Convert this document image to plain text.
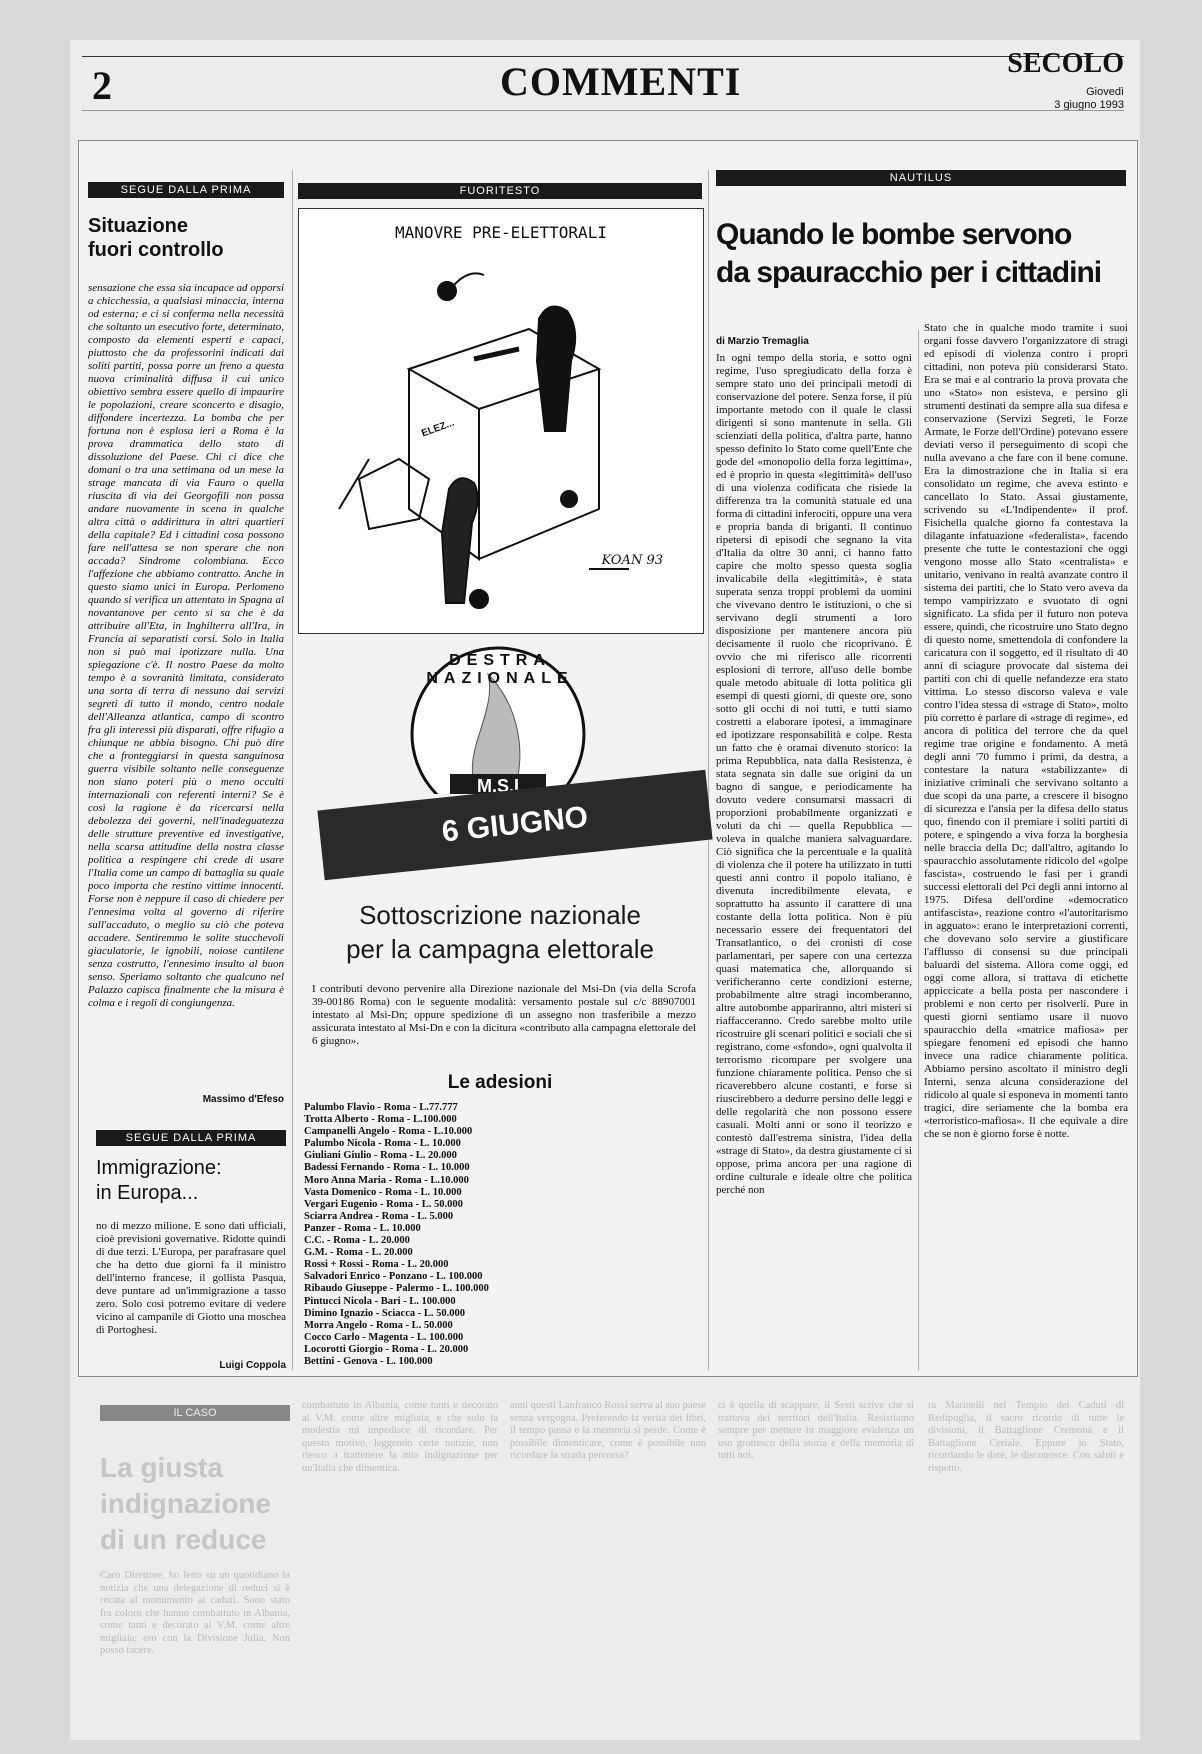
2	COMMENTI	SECOLO
Giovedì
3 giugno 1993
SEGUE DALLA PRIMA
Situazione
fuori controllo
sensazione che essa sia incapace ad opporsi a chicchessia, a qualsiasi minaccia, interna od esterna; e ci si conferma nella necessità che soltanto un esecutivo forte, determinato, composto da elementi esperti e capaci, piuttosto che da professorini indicati dai soliti partiti, possa porre un freno a questa nuova criminalità diffusa il cui unico obiettivo sembra essere quello di impaurire le popolazioni, creare sconcerto e disagio, diffondere incertezza. La bomba che per fortuna non è esplosa ieri a Roma è la prova drammatica dello stato di dissoluzione del Paese. Chi ci dice che domani o tra una settimana od un mese la strage mancata di via Fauro o quella riuscita di via dei Georgofili non possa andare nuovamente in scena in qualche altra città o addirittura in altri quartieri della capitale? Ed i cittadini cosa possono fare nell'attesa se non sperare che non accada? Sindrome colombiana. Ecco l'affezione che abbiamo contratto. Anche in questo siamo unici in Europa. Perlomeno quando si verifica un attentato in Spagna al novantanove per cento si sa che è da attribuire all'Eta, in Inghilterra all'Ira, in Francia ai separatisti corsi. Solo in Italia non si può mai ipotizzare nulla. Una spiegazione c'è. Il nostro Paese da molto tempo è a sovranità limitata, considerato una sorta di terra di nessuno dai servizi segreti di tutto il mondo, centro nodale dell'Alleanza atlantica, campo di scontro fra gli interessi più disparati, offre rifugio a chiunque ne abbia bisogno. Chi può dire che a fronteggiarsi in questa sanguinosa guerra visibile soltanto nelle conseguenze non siano poteri più o meno occulti internazionali con referenti interni? Se è così la ragione è da ricercarsi nella debolezza dei governi, nell'inadeguatezza delle strutture preventive ed investigative, nella scarsa attitudine della nostra classe politica a respingere chi crede di usare l'Italia come un campo di battaglia su quale poco importa che restino vittime innocenti. Forse non è neppure il caso di chiedere per l'ennesima volta al governo di riferire sull'accaduto, o meglio su ciò che poteva accadere. Sentiremmo le solite stucchevoli giaculatorie, le ignobili, noiose cantilene senza costrutto, l'ennesimo insulto al buon senso. Speriamo soltanto che qualcuno nel Palazzo capisca finalmente che la misura è colma e i regoli di congiungenza.
Massimo d'Efeso
SEGUE DALLA PRIMA
Immigrazione:
in Europa...
no di mezzo milione. E sono dati ufficiali, cioè previsioni governative. Ridotte quindi di due terzi. L'Europa, per parafrasare quel che ha detto due giorni fa il ministro dell'interno francese, il gollista Pasqua, deve puntare ad un'immigrazione a tasso zero. Solo così potremo evitare di vedere vicino al campanile di Giotto una moschea di Portoghesi.
Luigi Coppola
FUORITESTO
MANOVRE PRE-ELETTORALI
ELEZ...
KOAN 93
DESTRA NAZIONALE
M.S.I
6 GIUGNO
Sottoscrizione nazionale
per la campagna elettorale
I contributi devono pervenire alla Direzione nazionale del Msi-Dn (via della Scrofa 39-00186 Roma) con le seguente modalità: versamento postale sul c/c 88907001 intestato al Msi-Dn; oppure spedizione di un assegno non trasferibile a mezzo assicurata intestato al Msi-Dn e con la dicitura «contributo alla campagna elettorale del 6 giugno».
Le adesioni
Palumbo Flavio - Roma - L.77.777
Trotta Alberto - Roma - L.100.000
Campanelli Angelo - Roma - L.10.000
Palumbo Nicola - Roma - L. 10.000
Giuliani Giulio - Roma - L. 20.000
Badessi Fernando - Roma - L. 10.000
Moro Anna Maria - Roma - L.10.000
Vasta Domenico - Roma - L. 10.000
Vergari Eugenio - Roma - L. 50.000
Sciarra Andrea - Roma - L. 5.000
Panzer - Roma - L. 10.000
C.C. - Roma - L. 20.000
G.M. - Roma - L. 20.000
Rossi + Rossi - Roma - L. 20.000
Salvadori Enrico - Ponzano - L. 100.000
Ribaudo Giuseppe - Palermo - L. 100.000
Pintucci Nicola - Bari - L. 100.000
Dimino Ignazio - Sciacca - L. 50.000
Morra Angelo - Roma - L. 50.000
Cocco Carlo - Magenta - L. 100.000
Locorotti Giorgio - Roma - L. 20.000
Bettini - Genova - L. 100.000
NAUTILUS
Quando le bombe servono
da spauracchio per i cittadini
di Marzio Tremaglia
In ogni tempo della storia, e sotto ogni regime, l'uso spregiudicato della forza è sempre stato uno dei principali metodi di conservazione del potere. Senza forse, il più importante metodo con il quale le classi dirigenti si sono mantenute in sella. Gli scienziati della politica, d'altra parte, hanno spesso definito lo Stato come quell'Ente che gode del «monopolio della forza legittima», ed è proprio in questa «legittimità» dell'uso di una violenza codificata che risiede la differenza tra la comunità statuale ed una forma di cittadini inferociti, oppure una vera e propria banda di briganti. Il continuo ripetersi di episodi che segnano la vita d'Italia da oltre 30 anni, ci hanno fatto capire che molto spesso questa soglia invalicabile della «legittimità», è stata superata senza troppi problemi da uomini che vivevano dentro le istituzioni, o che si servivano degli strumenti a loro disposizione per mantenere ancora più decisamente il ruolo che ricoprivano. È ovvio che mi riferisco alle ricorrenti esplosioni di terrore, all'uso delle bombe quale metodo abituale di lotta politica gli esempi di questi giorni, di queste ore, sono sotto gli occhi di noi tutti, e tutti siamo costretti a elaborare ipotesi, a immaginare ed ipotizzare responsabilità e colpe. Resta un fatto che è oramai divenuto storico: la prima Repubblica, nata dalla Resistenza, è stata segnata sin dalle sue origini da un bagno di sangue, e periodicamente ha dovuto vedere consumarsi massacri di proporzioni probabilmente organizzati e voluti da chi — quella Repubblica — voleva in qualche maniera salvaguardare. Ciò significa che la percentuale e la qualità di violenza che il potere ha utilizzato in tutti questi anni contro il popolo italiano, è divenuta incredibilmente elevata, e soprattutto ha assunto il carattere di una costante della lotta politica. Non è più necessario essere dei frequentatori del Transatlantico, o dei cronisti di cose parlamentari, per sapere con una certezza quasi matematica che, allorquando si verificheranno certe condizioni esterne, probabilmente altre stragi incomberanno, altre autobombe appariranno, altri misteri si riaffacceranno. Credo sarebbe molto utile ricostruire gli scenari politici e sociali che si registrano, come «sfondo», ogni qualvolta il terrorismo ricompare per svolgere una funzione chiaramente politica. Penso che si ricaverebbero alcune costanti, e forse si riuscirebbero a dedurre persino delle leggi e delle regolarità che non possono essere casuali. Molti anni or sono il teorizzo e contestò dall'estrema sinistra, l'idea della «strage di Stato», da destra giustamente ci si oppose, prima ancora per una ragione di ordine culturale e ideale oltre che politica perché non
Stato che in qualche modo tramite i suoi organi fosse davvero l'organizzatore di stragi ed episodi di violenza contro i propri cittadini, non poteva più considerarsi Stato. Era se mai e al contrario la prova provata che uno «Stato» non esisteva, e persino gli strumenti destinati da sempre alla sua difesa e conservazione (Servizi Segreti, le Forze Armate, le Forze dell'Ordine) potevano essere deviati verso il perseguimento di scopi che nulla avevano a che fare con il bene comune. Era la dimostrazione che in Italia si era consolidato un regime, che aveva estinto e cancellato lo Stato. Assai giustamente, scrivendo su «L'Indipendente» il prof. Fisichella qualche giorno fa contestava la dilagante infatuazione «federalista», facendo presente che tutte le contestazioni che oggi vengono mosse allo Stato «centralista» e unitario, venivano in realtà avanzate contro il sistema dei partiti, che lo Stato vero aveva da tempo vampirizzato e svuotato di ogni significato. La sfida per il futuro non poteva essere, quindi, che ricostruire uno Stato degno di questo nome, smettendola di confondere la caricatura con il soggetto, ed il risultato di 40 anni di sciagure provocate dal sistema dei partiti con chi di quelle nefandezze era stato vittima. Lo stesso discorso valeva e vale contro l'idea stessa di «strage di Stato», molto più corretto è parlare di «strage di regime», ed ancora di politica del terrore che da quel regime trae origine e fondamento. A metà degli anni '70 fummo i primi, da destra, a contestare la natura «stabilizzante» di iniziative criminali che servivano soltanto a due scopi da una parte, a crescere il bisogno di sicurezza e l'ansia per la difesa dello status quo, finendo con il premiare i soliti partiti di potere, e spingendo a viva forza la borghesia nelle braccia della Dc; dall'altro, agitando lo spauracchio assolutamente ridicolo del «golpe fascista», costruendo le fasi per i grandi successi elettorali del Pci degli anni intorno al 1975. Difesa dell'ordine «democratico antifascista», reazione contro «l'autoritarismo in agguato»: erano le interpretazioni correnti, che dovevano solo servire a giustificare l'afflusso di consensi su due principali baluardi del sistema. Allora come oggi, ed oggi come allora, si trattava di etichette appiccicate a bella posta per nascondere i problemi e non certo per risolverli. Pure in questi giorni sentiamo usare il nuovo spauracchio della «matrice mafiosa» per spiegare fenomeni ed episodi che hanno invece una radice chiaramente politica. Abbiamo persino ascoltato il ministro degli Interni, senza alcuna considerazione del ridicolo al quale si esponeva in momenti tanto tragici, dire seriamente che la bomba era «terroristico-mafiosa». Il che equivale a dire che se non è giorno forse è notte.
IL CASO
La giusta
indignazione
di un reduce
Caro Direttore, ho letto su un quotidiano la notizia che una delegazione di reduci si è recata al monumento ai caduti. Sono stato fra coloro che hanno combattuto in Albania, come tanti e decorato al V.M. come altre migliaia; ero con la Divisione Julia. Non posso tacere.
combattuto in Albania, come tanti e decorato al V.M. come altre migliaia, e che solo la modestia mi impedisce di ricordare. Per questo motivo, leggendo certe notizie, non riesco a trattenere la mia indignazione per un'Italia che dimentica.
anni questi Lanfranco Rossi serva al suo paese senza vergogna. Preferendo la verità dei libri, il tempo passa e la memoria si perde. Come è possibile dimenticare, come è possibile non ricordare la strada percorsa?
ci è quella di scappare, il Sesti scrive che si trattava dei territori dell'Italia. Resistiamo sempre per mettere in maggiore evidenza un uso grottesco della storia e della memoria di tutti noi.
ra Marinelli nel Tempio dei Caduti di Redipuglia, il sacro ricordo di tutte le divisioni, il Battaglione Cremona e il Battaglione Ceriale. Eppure lo Stato, ricordando le date, le disconosce. Con saluti e rispetto.
